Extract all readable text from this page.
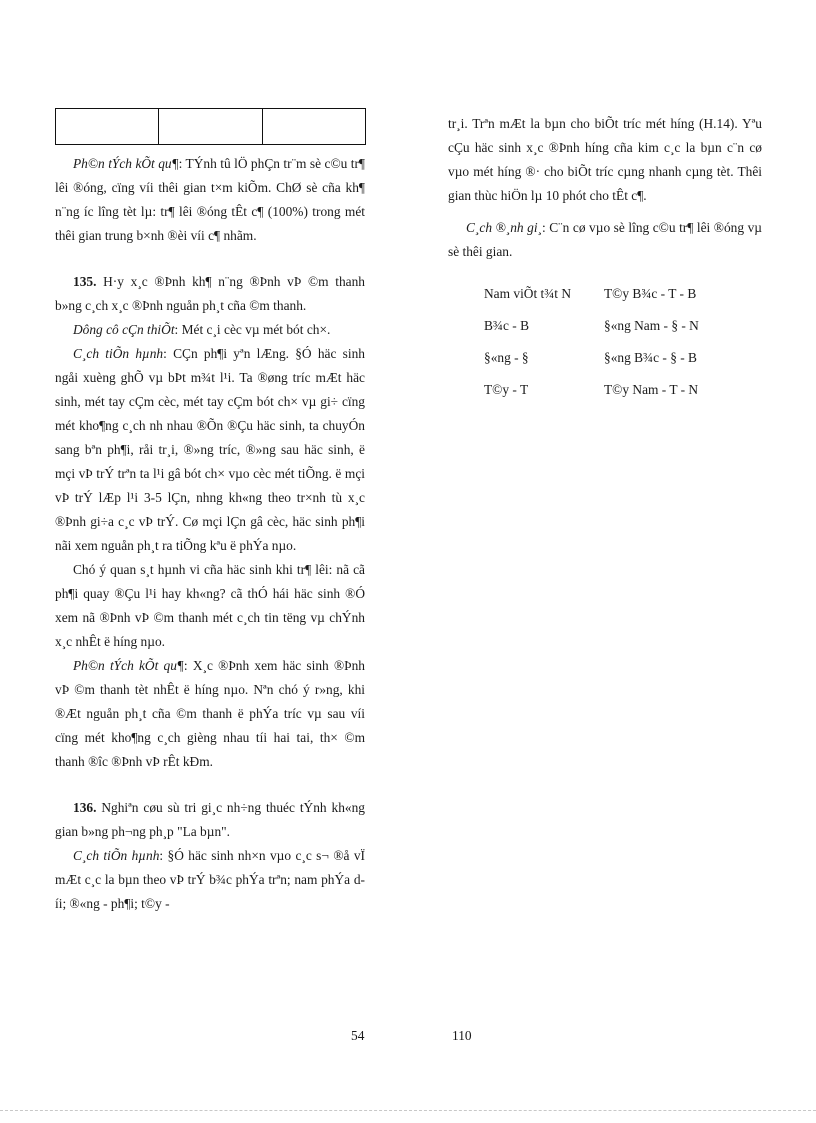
Ph©n tÝch kÕt qu¶: TÝnh tû lÖ phÇn tr¨m sè c©u tr¶ lêi ®óng, cïng víi thêi gian t×m kiÕm. ChØ sè cña kh¶ n¨ng íc lîng tèt lµ: tr¶ lêi ®óng tÊt c¶ (100%) trong mét thêi gian trung b×nh ®èi víi c¶ nhãm.

135. H·y x¸c ®Þnh kh¶ n¨ng ®Þnh vÞ ©m thanh b»ng c¸ch x¸c ®Þnh nguån ph¸t cña ©m thanh.

Dông cô cÇn thiÕt: Mét c¸i cèc vµ mét bót ch×.

C¸ch tiÕn hµnh: CÇn ph¶i yªn lÆng. §Ó häc sinh ngåi xuèng ghÕ vµ bÞt m¾t l¹i. Ta ®øng tríc mÆt häc sinh, mét tay cÇm cèc, mét tay cÇm bót ch× vµ gi÷ cïng mét kho¶ng c¸ch nh nhau ®Õn ®Çu häc sinh, ta chuyÓn sang bªn ph¶i, råi tr¸i, ®»ng tríc, ®»ng sau häc sinh, ë mçi vÞ trÝ trªn ta l¹i gâ bót ch× vµo cèc mét tiÕng. ë mçi vÞ trÝ lÆp l¹i 3-5 lÇn, nhng kh«ng theo tr×nh tù x¸c ®Þnh gi÷a c¸c vÞ trÝ. Cø mçi lÇn gâ cèc, häc sinh ph¶i nãi xem nguån ph¸t ra tiÕng kªu ë phÝa nµo.

Chó ý quan s¸t hµnh vi cña häc sinh khi tr¶ lêi: nã cã ph¶i quay ®Çu l¹i hay kh«ng? cã thÓ hái häc sinh ®Ó xem nã ®Þnh vÞ ©m thanh mét c¸ch tin tëng vµ chÝnh x¸c nhÊt ë híng nµo.

Ph©n tÝch kÕt qu¶: X¸c ®Þnh xem häc sinh ®Þnh vÞ ©m thanh tèt nhÊt ë híng nµo. Nªn chó ý r»ng, khi ®Æt nguån ph¸t cña ©m thanh ë phÝa tríc vµ sau víi cïng mét kho¶ng c¸ch gièng nhau tíi hai tai, th× ©m thanh ®îc ®Þnh vÞ rÊt kÐm.

136. Nghiªn cøu sù tri gi¸c nh÷ng thuéc tÝnh kh«ng gian b»ng ph¬ng ph¸p "La bµn".

C¸ch tiÕn hµnh: §Ó häc sinh nh×n vµo c¸c s¬ ®å vÏ mÆt c¸c la bµn theo vÞ trÝ b¾c phÝa trªn; nam phÝa díi; ®«ng - ph¶i; t©y -

tr¸i. Trªn mÆt la bµn cho biÕt tríc mét híng (H.14). Yªu cÇu häc sinh x¸c ®Þnh híng cña kim c¸c la bµn c¨n cø vµo mét híng ®· cho biÕt tríc cµng nhanh cµng tèt. Thêi gian thùc hiÖn lµ 10 phót cho tÊt c¶.

C¸ch ®¸nh gi¸: C¨n cø vµo sè lîng c©u tr¶ lêi ®óng vµ sè thêi gian.

Nam viÕt t¾t N	T©y B¾c - T - B
B¾c - B	§«ng Nam - § - N
§«ng - §	§«ng B¾c - § - B
T©y - T	T©y Nam - T - N
54	110
